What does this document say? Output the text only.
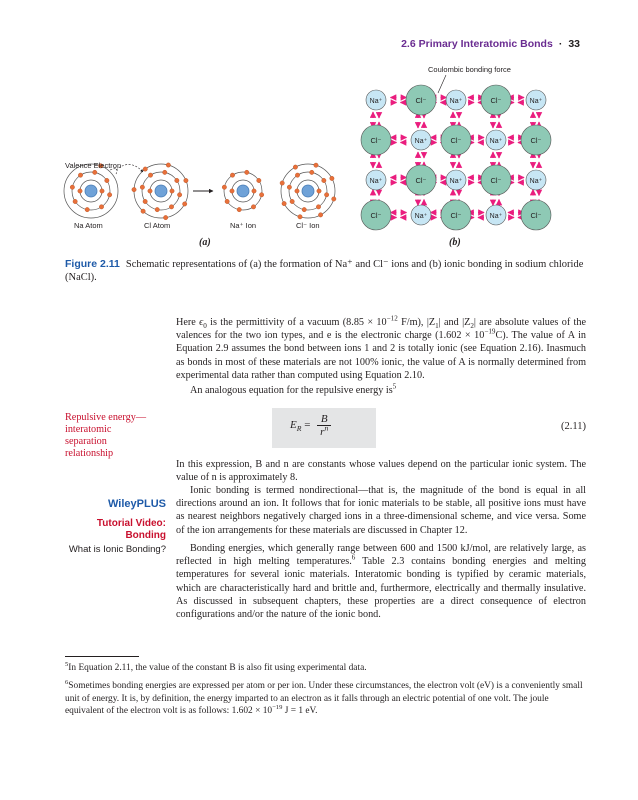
2.6 Primary Interatomic Bonds · 33
Na⁺	Cl⁻	Na⁺	Cl⁻	Na⁺
Cl⁻	Na⁺	Cl⁻	Na⁺	Cl⁻
Na⁺	Cl⁻	Na⁺	Cl⁻	Na⁺
Cl⁻	Na⁺	Cl⁻	Na⁺	Cl⁻
Valence Electron
Na Atom	Cl Atom	Na⁺ Ion	Cl⁻ Ion
(a)	(b)
Coulombic bonding force
Figure 2.11 Schematic representations of (a) the formation of Na⁺ and Cl⁻ ions and (b) ionic bonding in sodium chloride (NaCl).

Here $\epsilon_0$ is the permittivity of a vacuum ($8.85 \times 10^{-12}$ F/m), $|Z_1|$ and $|Z_2|$ are absolute values of the valences for the two ion types, and e is the electronic charge $(1.602 \times 10^{-19}C)$. The value of A in Equation 2.9 assumes the bond between ions 1 and 2 is totally ionic (see Equation 2.16). Inasmuch as bonds in most of these materials are not 100% ionic, the value of A is normally determined from experimental data rather than computed using Equation 2.10.

An analogous equation for the repulsive energy $is^5$

Repulsive energy—
interatomic
separation
relationship
$E_R = \frac{B}{r^n}$	(2.11)

In this expression, B and n are constants whose values depend on the particular ionic system. The value of n is approximately 8.

Ionic bonding is termed nondirectional—that is, the magnitude of the bond is equal in all directions around an ion. It follows that for ionic materials to be stable, all positive ions must have as nearest neighbors negatively charged ions in a three-dimensional scheme, and vice versa. Some of the ion arrangements for these materials are discussed in Chapter 12.

Bonding energies, which generally range between 600 and 1500 kJ/mol, are relatively large, as reflected in high melting temperatures.$^6$ Table 2.3 contains bonding energies and melting temperatures for several ionic materials. Interatomic bonding is typified by ceramic materials, which are characteristically hard and brittle and, furthermore, electrically and thermally insulative. As discussed in subsequent chapters, these properties are a direct consequence of electron configurations and/or the nature of the ionic bond.

WileyPLUS
Tutorial Video:
Bonding
What is Ionic Bonding?

$^5$In Equation 2.11, the value of the constant B is also fit using experimental data.

$^6$Sometimes bonding energies are expressed per atom or per ion. Under these circumstances, the electron volt (eV) is a conveniently small unit of energy. It is, by definition, the energy imparted to an electron as it falls through an electric potential of one volt. The joule equivalent of the electron volt is as follows: $1.602 \times 10^{-19}$ J = 1 eV.
